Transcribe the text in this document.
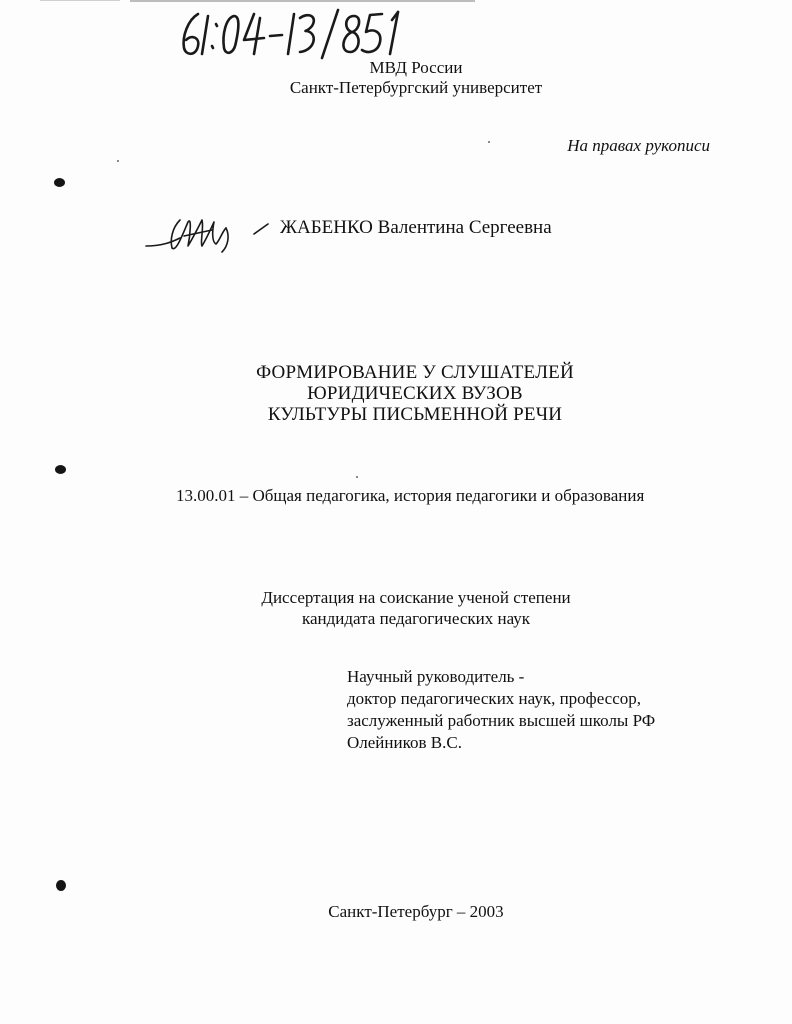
МВД России
Санкт-Петербургский университет
На правах рукописи
ЖАБЕНКО Валентина Сергеевна
ФОРМИРОВАНИЕ У СЛУШАТЕЛЕЙ
ЮРИДИЧЕСКИХ ВУЗОВ
КУЛЬТУРЫ ПИСЬМЕННОЙ РЕЧИ
13.00.01 – Общая педагогика, история педагогики и образования
Диссертация на соискание ученой степени
кандидата педагогических наук
Научный руководитель -
доктор педагогических наук, профессор,
заслуженный работник высшей школы РФ
Олейников В.С.
Санкт-Петербург – 2003
